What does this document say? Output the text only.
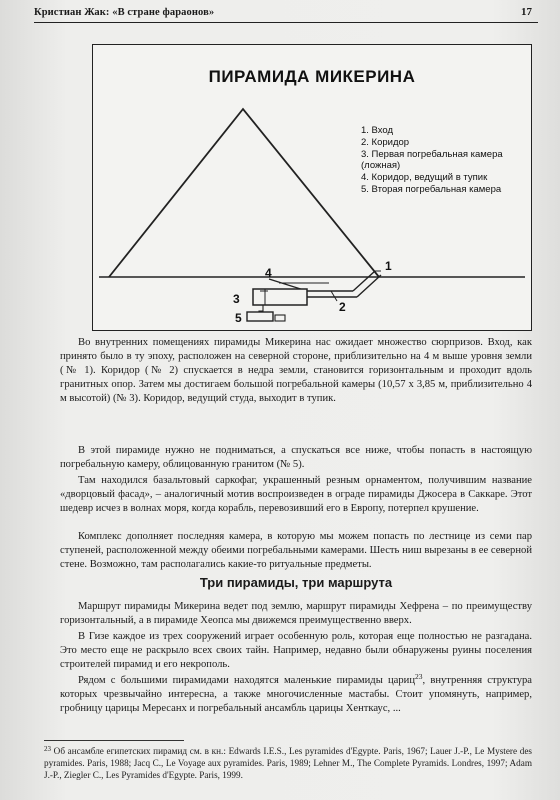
Кристиан Жак: «В стране фараонов»	17
ПИРАМИДА МИКЕРИНА
1
2
3
4
5
1. Вход
2. Коридор
3. Первая погребальная камера (ложная)
4. Коридор, ведущий в тупик
5. Вторая погребальная камера

Во внутренних помещениях пирамиды Микерина нас ожидает множество сюрпризов. Вход, как принято было в ту эпоху, расположен на северной стороне, приблизительно на 4 м выше уровня земли (№ 1). Коридор (№ 2) спускается в недра земли, становится горизонтальным и проходит вдоль гранитных опор. Затем мы достигаем большой погребальной камеры (10,57 х 3,85 м, приблизительно 4 м высотой) (№ 3). Коридор, ведущий студа, выходит в тупик.

В этой пирамиде нужно не подниматься, а спускаться все ниже, чтобы попасть в настоящую погребальную камеру, облицованную гранитом (№ 5).

Там находился базальтовый саркофаг, украшенный резным орнаментом, получившим название «дворцовый фасад», – аналогичный мотив воспроизведен в ограде пирамиды Джосера в Саккаре. Этот шедевр исчез в волнах моря, когда корабль, перевозивший его в Европу, потерпел крушение.

Комплекс дополняет последняя камера, в которую мы можем попасть по лестнице из семи пар ступеней, расположенной между обеими погребальными камерами. Шесть ниш вырезаны в ее северной стене. Возможно, там располагались какие-то ритуальные предметы.

Три пирамиды, три маршрута

Маршрут пирамиды Микерина ведет под землю, маршрут пирамиды Хефрена – по преимуществу горизонтальный, а в пирамиде Хеопса мы движемся преимущественно вверх.

В Гизе каждое из трех сооружений играет особенную роль, которая еще полностью не разгадана. Это место еще не раскрыло всех своих тайн. Например, недавно были обнаружены руины поселения строителей пирамид и его некрополь.

Рядом с большими пирамидами находятся маленькие пирамиды цариц$^{23}$, внутренняя структура которых чрезвычайно интересна, а также многочисленные мастабы. Стоит упомянуть, например, гробницу царицы Мересанх и погребальный ансамбль царицы Хенткаус, ...

$^{23}$ Об ансамбле египетских пирамид см. в кн.: Edwards I.E.S., Les pyramides d'Egypte. Paris, 1967; Lauer J.-P., Le Mystere des pyramides. Paris, 1988; Jacq C., Le Voyage aux pyramides. Paris, 1989; Lehner M., The Complete Pyramids. Londres, 1997; Adam J.-P., Ziegler C., Les Pyramides d'Egypte. Paris, 1999.
